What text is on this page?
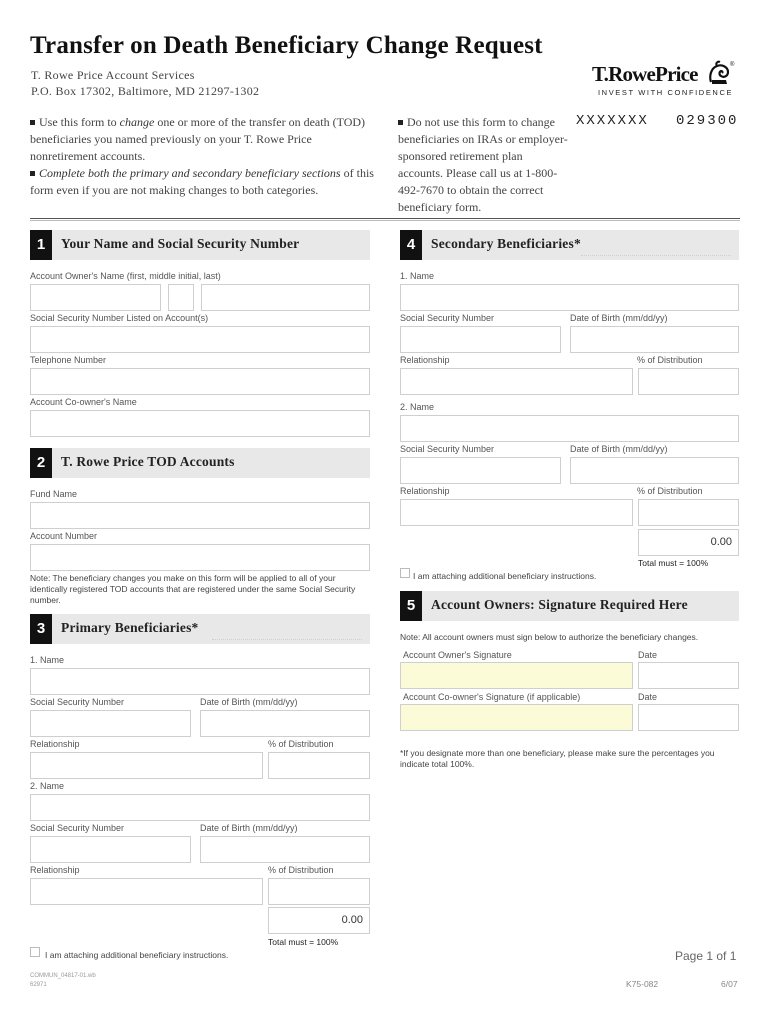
Transfer on Death Beneficiary Change Request
T. Rowe Price Account Services
P.O. Box 17302, Baltimore, MD 21297-1302
T.RowePrice	®
INVEST WITH CONFIDENCE
XXXXXXX 029300
Use this form to change one or more of the transfer on death (TOD) beneficiaries you named previously on your T. Rowe Price nonretirement accounts.
Complete both the primary and secondary beneficiary sections of this form even if you are not making changes to both categories.
Do not use this form to change beneficiaries on IRAs or employer-sponsored retirement plan accounts. Please call us at 1-800-492-7670 to obtain the correct beneficiary form.
1	Your Name and Social Security Number
Account Owner's Name (first, middle initial, last)
Social Security Number Listed on Account(s)
Telephone Number
Account Co-owner's Name
2	T. Rowe Price TOD Accounts
Fund Name
Account Number
Note: The beneficiary changes you make on this form will be applied to all of your identically registered TOD accounts that are registered under the same Social Security number.
3	Primary Beneficiaries*
1. Name
Social Security Number	Date of Birth (mm/dd/yy)
Relationship	% of Distribution
2. Name
Social Security Number	Date of Birth (mm/dd/yy)
Relationship	% of Distribution
0.00
Total must = 100%
I am attaching additional beneficiary instructions.
4	Secondary Beneficiaries*
1. Name
Social Security Number	Date of Birth (mm/dd/yy)
Relationship	% of Distribution
2. Name
Social Security Number	Date of Birth (mm/dd/yy)
Relationship	% of Distribution
0.00
Total must = 100%
I am attaching additional beneficiary instructions.
5	Account Owners: Signature Required Here
Note: All account owners must sign below to authorize the beneficiary changes.
Account Owner's Signature	Date
Account Co-owner's Signature (if applicable)	Date
*If you designate more than one beneficiary, please make sure the percentages you indicate total 100%.
Page 1 of 1
COMMUN_04817-01.wb
62971	K75-082	6/07
